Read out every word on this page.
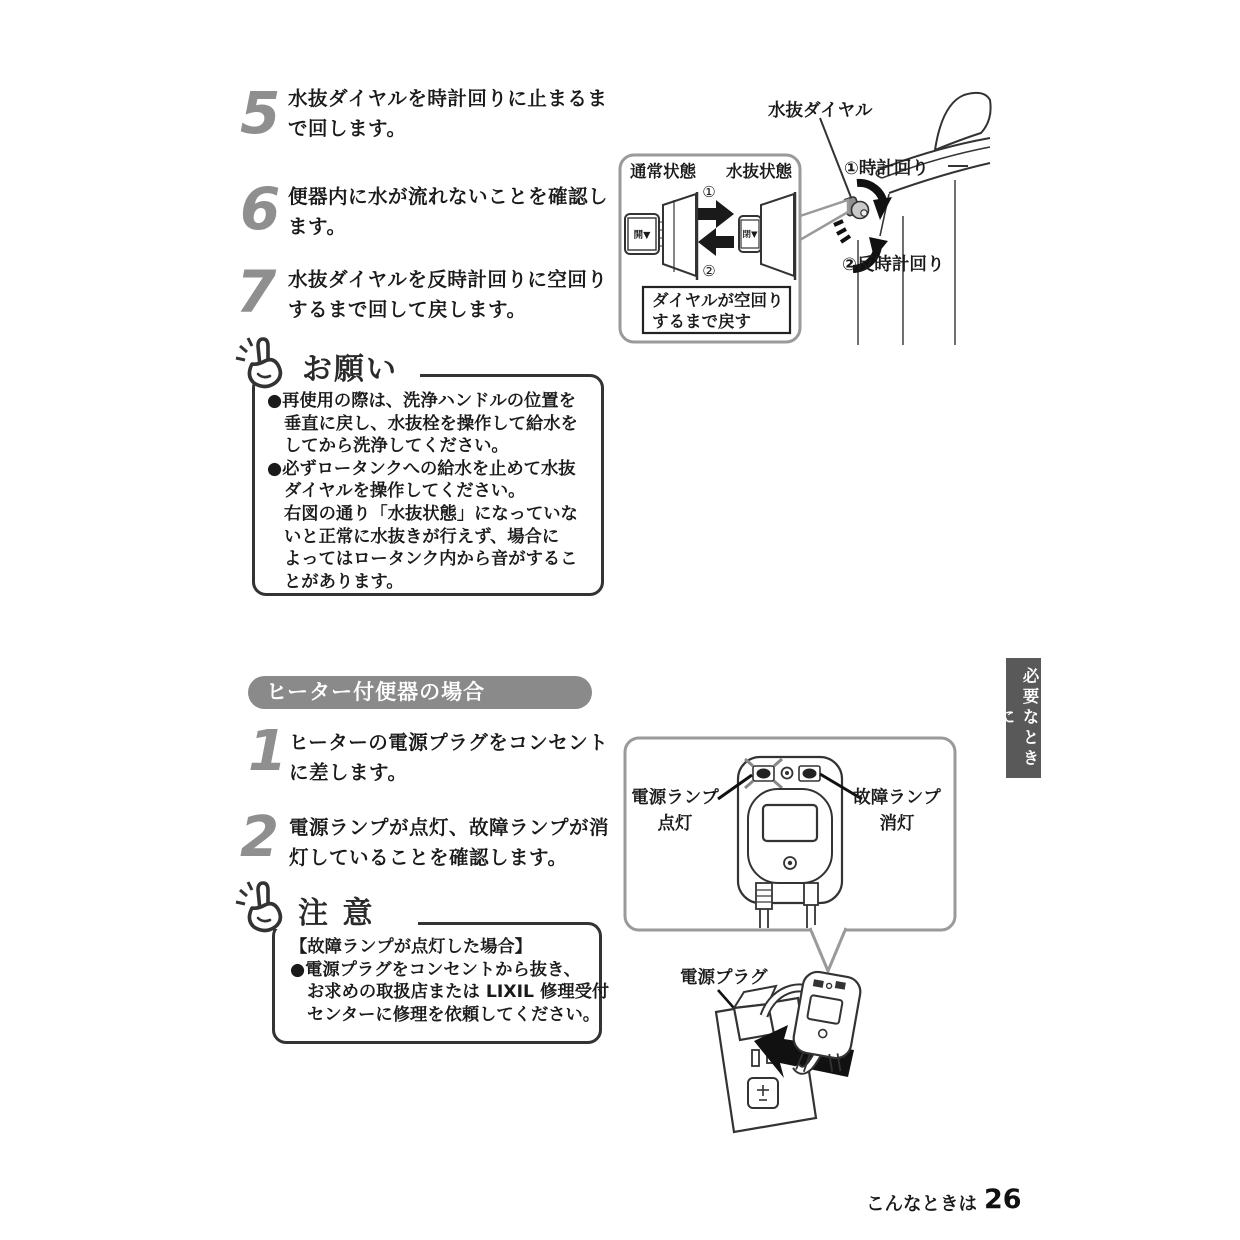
5 水抜ダイヤルを時計回りに止まるま
で回します。
6 便器内に水が流れないことを確認し
ます。
7 水抜ダイヤルを反時計回りに空回り
するまで回して戻します。
お願い
●再使用の際は、洗浄ハンドルの位置を
垂直に戻し、水抜栓を操作して給水を
してから洗浄してください。
●必ずロータンクへの給水を止めて水抜
ダイヤルを操作してください。
右図の通り「水抜状態」になっていな
いと正常に水抜きが行えず、場合に
よってはロータンク内から音がするこ
とがあります。
通常状態 水抜状態
開▼	閉▼
①
②
ダイヤルが空回り
するまで戻す
水抜ダイヤル
①時計回り
②反時計回り
ヒーター付便器の場合
1 ヒーターの電源プラグをコンセント
に差します。
2 電源ランプが点灯、故障ランプが消
灯していることを確認します。
注 意
【故障ランプが点灯した場合】
●電源プラグをコンセントから抜き、
お求めの取扱店または LIXIL 修理受付
センターに修理を依頼してください。
電源ランプ
点灯
故障ランプ
消灯
電源プラグ
必要なときに
こんなときは 26
